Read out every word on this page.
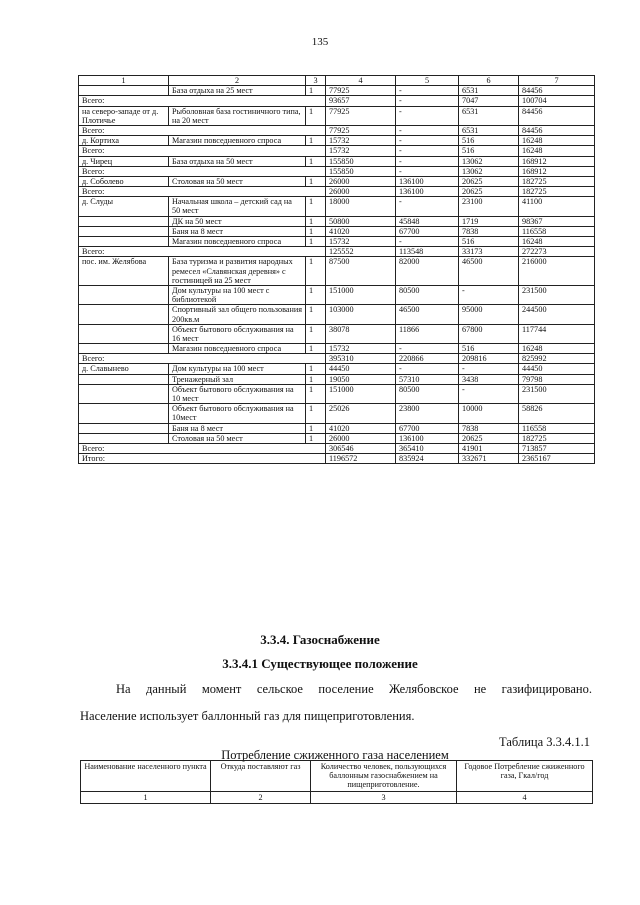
135
1	2	3	4	5	6	7
	База отдыха на 25 мест	1	77925	-	6531	84456
Всего:			93657	-	7047	100704
на северо-западе от д. Плотичье	Рыболовная база гостиничного типа, на 20 мест	1	77925	-	6531	84456
Всего:			77925	-	6531	84456
д. Кортиха	Магазин повседневного спроса	1	15732	-	516	16248
Всего:			15732	-	516	16248
д. Чирец	База отдыха на 50 мест	1	155850	-	13062	168912
Всего:			155850	-	13062	168912
д. Соболево	Столовая на 50 мест	1	26000	136100	20625	182725
Всего:			26000	136100	20625	182725
д. Слуды	Начальная школа – детский сад на 50 мест	1	18000	-	23100	41100
	ДК на 50 мест	1	50800	45848	1719	98367
	Баня на 8 мест	1	41020	67700	7838	116558
	Магазин повседневного спроса	1	15732	-	516	16248
Всего:			125552	113548	33173	272273
пос. им. Желябова	База туризма и развития народных ремесел «Славянская деревня» с гостиницей на 25 мест	1	87500	82000	46500	216000
	Дом культуры на 100 мест с библиотекой	1	151000	80500	-	231500
	Спортивный зал общего пользования 200кв.м	1	103000	46500	95000	244500
	Объект бытового обслуживания на 16 мест	1	38078	11866	67800	117744
	Магазин повседневного спроса	1	15732	-	516	16248
Всего:			395310	220866	209816	825992
д. Славынево	Дом культуры на 100 мест	1	44450	-	-	44450
	Тренажерный зал	1	19050	57310	3438	79798
	Объект бытового обслуживания на 10 мест	1	151000	80500	-	231500
	Объект бытового обслуживания на 10мест	1	25026	23800	10000	58826
	Баня на 8 мест	1	41020	67700	7838	116558
	Столовая на 50 мест	1	26000	136100	20625	182725
Всего:			306546	365410	41901	713857
Итого:			1196572	835924	332671	2365167
3.3.4. Газоснабжение
3.3.4.1 Существующее положение
На данный момент сельское поселение Желябовское не газифицировано.
Население использует баллонный газ для пищеприготовления.
Таблица 3.3.4.1.1
Потребление сжиженного газа населением
Наименование населенного пункта	Откуда поставляют газ	Количество человек, пользующихся баллонным газоснабжением на пищеприготовление.	Годовое Потребление сжиженного газа, Гкал/год
1	2	3	4
